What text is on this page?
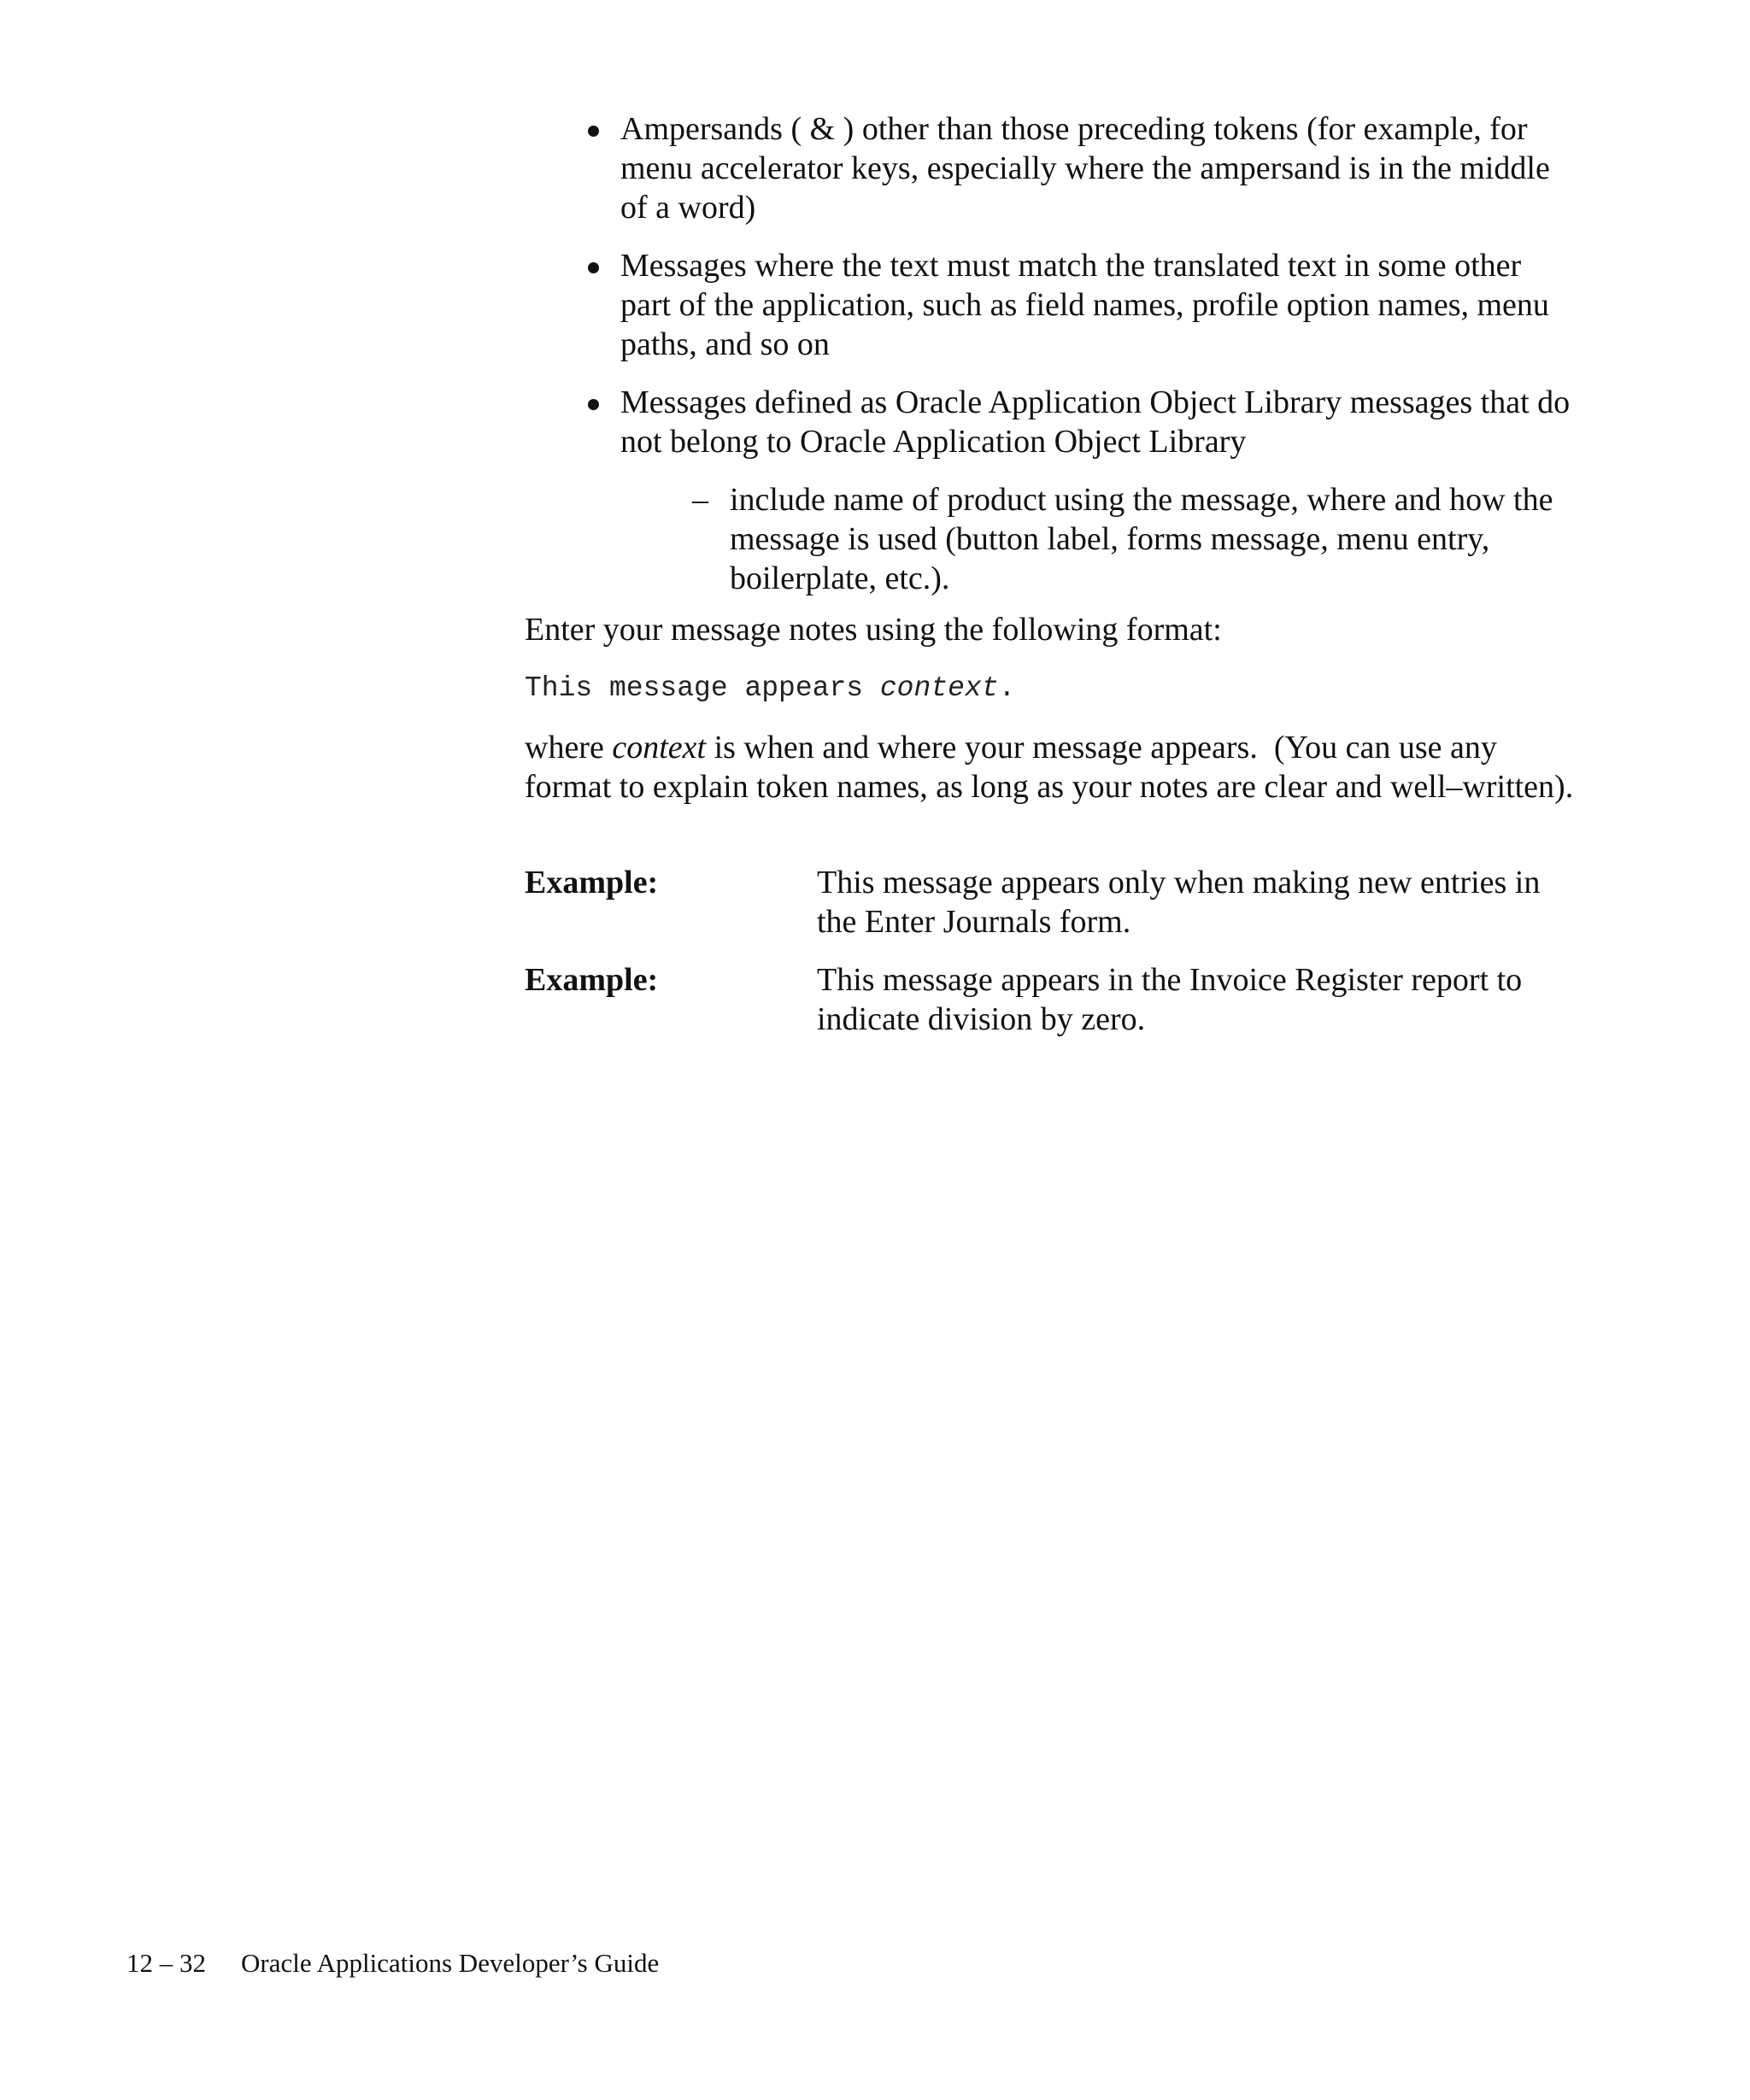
Ampersands ( & ) other than those preceding tokens (for example, for menu accelerator keys, especially where the ampersand is in the middle of a word)
Messages where the text must match the translated text in some other part of the application, such as field names, profile option names, menu paths, and so on
Messages defined as Oracle Application Object Library messages that do not belong to Oracle Application Object Library
– include name of product using the message, where and how the message is used (button label, forms message, menu entry, boilerplate, etc.).

Enter your message notes using the following format:

This message appears context.

where context is when and where your message appears.  (You can use any format to explain token names, as long as your notes are clear and well–written).

Example:	This message appears only when making new entries in the Enter Journals form.
Example:	This message appears in the Invoice Register report to indicate division by zero.
12 – 32 Oracle Applications Developer’s Guide
